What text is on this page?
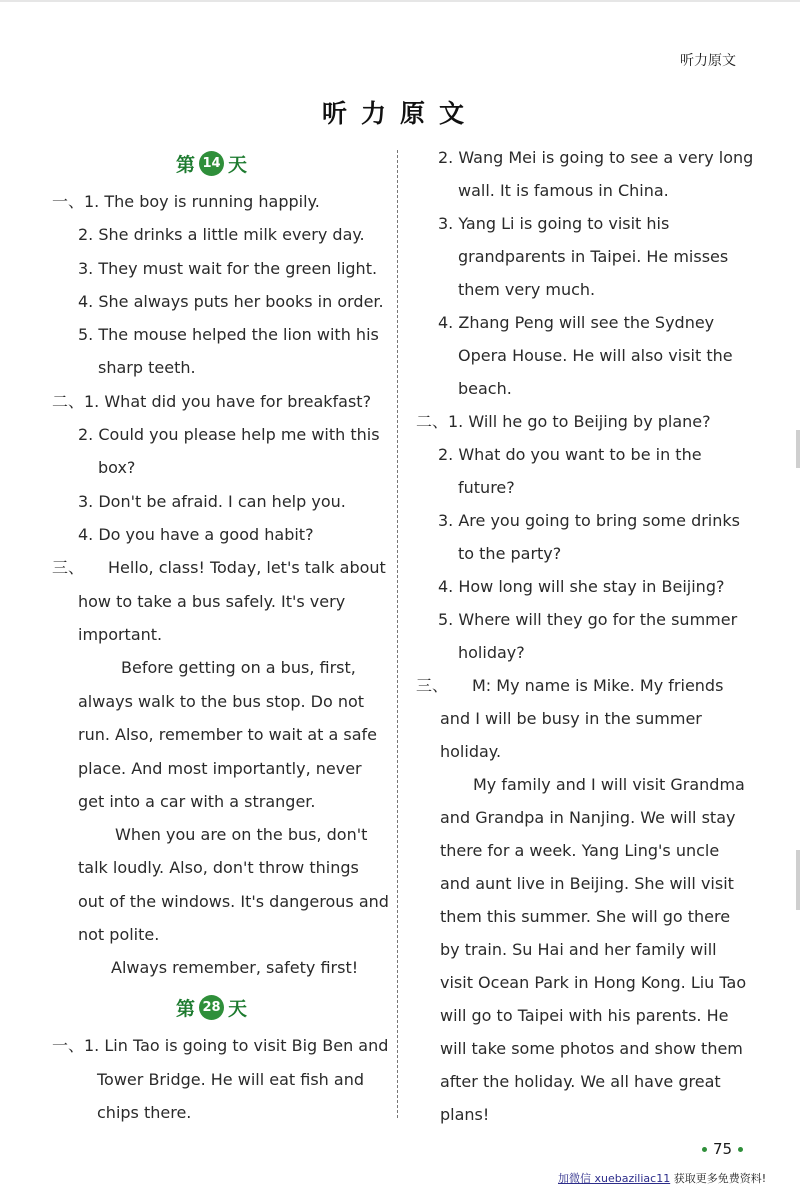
听力原文
听力原文
第 14 天
一、1. The boy is running happily.
2. She drinks a little milk every day.
3. They must wait for the green light.
4. She always puts her books in order.
5. The mouse helped the lion with his
sharp teeth.
二、1. What did you have for breakfast?
2. Could you please help me with this
box?
3. Don't be afraid. I can help you.
4. Do you have a good habit?
三、　　Hello, class! Today, let's talk about
how to take a bus safely. It's very
important.
Before getting on a bus, first,
always walk to the bus stop. Do not
run. Also, remember to wait at a safe
place. And most importantly, never
get into a car with a stranger.
When you are on the bus, don't
talk loudly. Also, don't throw things
out of the windows. It's dangerous and
not polite.
Always remember, safety first!
第 28 天
一、1. Lin Tao is going to visit Big Ben and
Tower Bridge. He will eat fish and
chips there.
2. Wang Mei is going to see a very long
wall. It is famous in China.
3. Yang Li is going to visit his
grandparents in Taipei. He misses
them very much.
4. Zhang Peng will see the Sydney
Opera House. He will also visit the
beach.
二、1. Will he go to Beijing by plane?
2. What do you want to be in the
future?
3. Are you going to bring some drinks
to the party?
4. How long will she stay in Beijing?
5. Where will they go for the summer
holiday?
三、　　M: My name is Mike. My friends
and I will be busy in the summer
holiday.
My family and I will visit Grandma
and Grandpa in Nanjing. We will stay
there for a week. Yang Ling's uncle
and aunt live in Beijing. She will visit
them this summer. She will go there
by train. Su Hai and her family will
visit Ocean Park in Hong Kong. Liu Tao
will go to Taipei with his parents. He
will take some photos and show them
after the holiday. We all have great
plans!
75
加微信 xuebaziliac11 获取更多免费资料!
